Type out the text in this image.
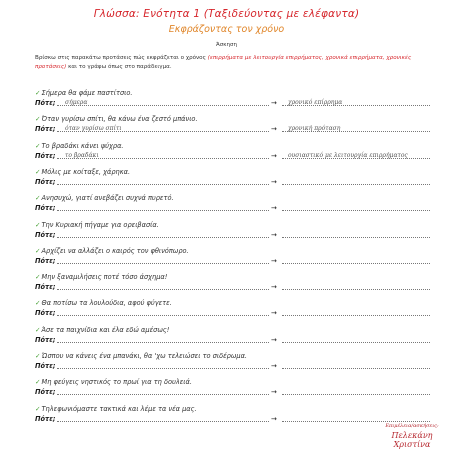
Γλώσσα: Ενότητα 1 (Ταξιδεύοντας με ελέφαντα)
Εκφράζοντας τον χρόνο
Άσκηση
Βρίσκω στις παρακάτω προτάσεις πώς εκφράζεται ο χρόνος (επιρρήματα με λειτουργία επιρρήματος, χρονικά επιρρήματα, χρονικές προτάσεις) και το γράφω όπως στο παράδειγμα.
✓Σήμερα θα φάμε παστίτσιο.
Πότε; σήμερα	→ χρονικό επίρρημα
✓Όταν γυρίσω σπίτι, θα κάνω ένα ζεστό μπάνιο.
Πότε; όταν γυρίσω σπίτι	→ χρονική πρόταση
✓Το βραδάκι κάνει ψύχρα.
Πότε; το βραδάκι	→ ουσιαστικό με λειτουργία επιρρήματος
✓Μόλις με κοίταξε, χάρηκα.
Πότε;	→
✓Ανησυχώ, γιατί ανεβάζει συχνά πυρετό.
Πότε;	→
✓Την Κυριακή πήγαμε για ορειβασία.
Πότε;	→
✓Αρχίζει να αλλάζει ο καιρός τον φθινόπωρο.
Πότε;	→
✓Μην ξαναμιλήσεις ποτέ τόσο άσχημα!
Πότε;	→
✓Θα ποτίσω τα λουλούδια, αφού φύγετε.
Πότε;	→
✓Άσε τα παιχνίδια και έλα εδώ αμέσως!
Πότε;	→
✓Ώσπου να κάνεις ένα μπανάκι, θα 'χω τελειώσει το σιδέρωμα.
Πότε;	→
✓Μη φεύγεις νηστικός το πρωί για τη δουλειά.
Πότε;	→
✓Τηλεφωνιόμαστε τακτικά και λέμε τα νέα μας.
Πότε;	→
Επιμέλεια/ασκήσεις:
Πελεκάνη Χριστίνα
